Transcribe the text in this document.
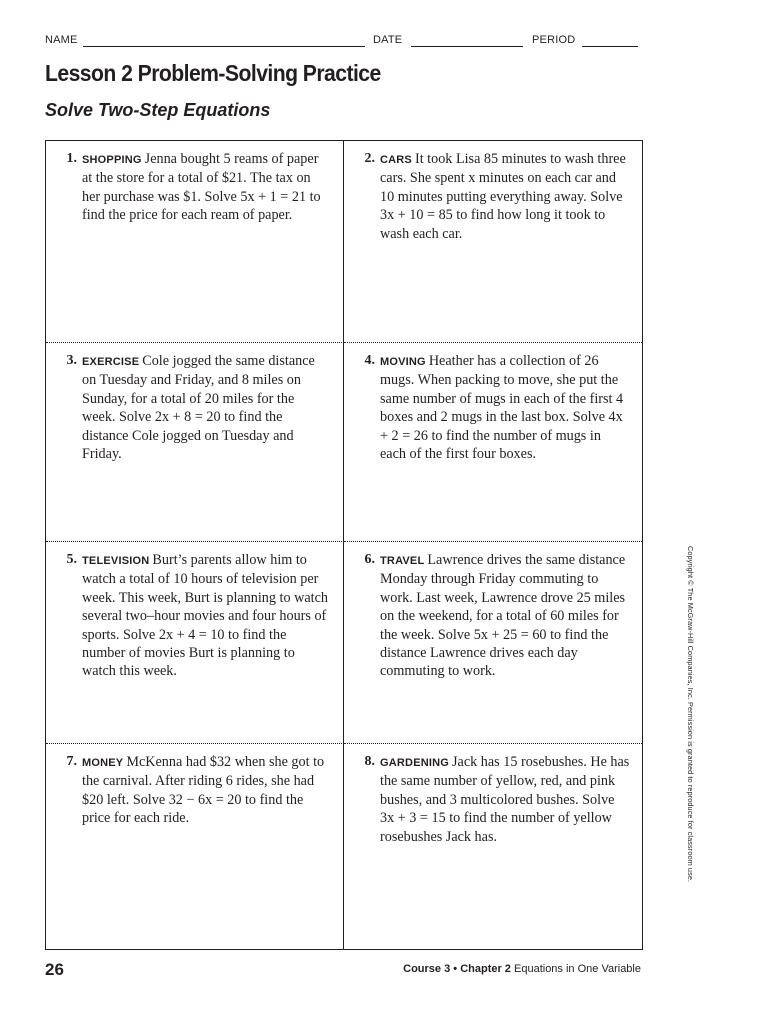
NAME	DATE	PERIOD
Lesson 2 Problem-Solving Practice
Solve Two-Step Equations
1. SHOPPING Jenna bought 5 reams of paper at the store for a total of $21. The tax on her purchase was $1. Solve 5x + 1 = 21 to find the price for each ream of paper.
2. CARS It took Lisa 85 minutes to wash three cars. She spent x minutes on each car and 10 minutes putting everything away. Solve 3x + 10 = 85 to find how long it took to wash each car.
3. EXERCISE Cole jogged the same distance on Tuesday and Friday, and 8 miles on Sunday, for a total of 20 miles for the week. Solve 2x + 8 = 20 to find the distance Cole jogged on Tuesday and Friday.
4. MOVING Heather has a collection of 26 mugs. When packing to move, she put the same number of mugs in each of the first 4 boxes and 2 mugs in the last box. Solve 4x + 2 = 26 to find the number of mugs in each of the first four boxes.
5. TELEVISION Burt’s parents allow him to watch a total of 10 hours of television per week. This week, Burt is planning to watch several two–hour movies and four hours of sports. Solve 2x + 4 = 10 to find the number of movies Burt is planning to watch this week.
6. TRAVEL Lawrence drives the same distance Monday through Friday commuting to work. Last week, Lawrence drove 25 miles on the weekend, for a total of 60 miles for the week. Solve 5x + 25 = 60 to find the distance Lawrence drives each day commuting to work.
7. MONEY McKenna had $32 when she got to the carnival. After riding 6 rides, she had $20 left. Solve 32 − 6x = 20 to find the price for each ride.
8. GARDENING Jack has 15 rosebushes. He has the same number of yellow, red, and pink bushes, and 3 multicolored bushes. Solve 3x + 3 = 15 to find the number of yellow rosebushes Jack has.	Copyright © The McGraw-Hill Companies, Inc. Permission is granted to reproduce for classroom use.
26	Course 3 • Chapter 2 Equations in One Variable
